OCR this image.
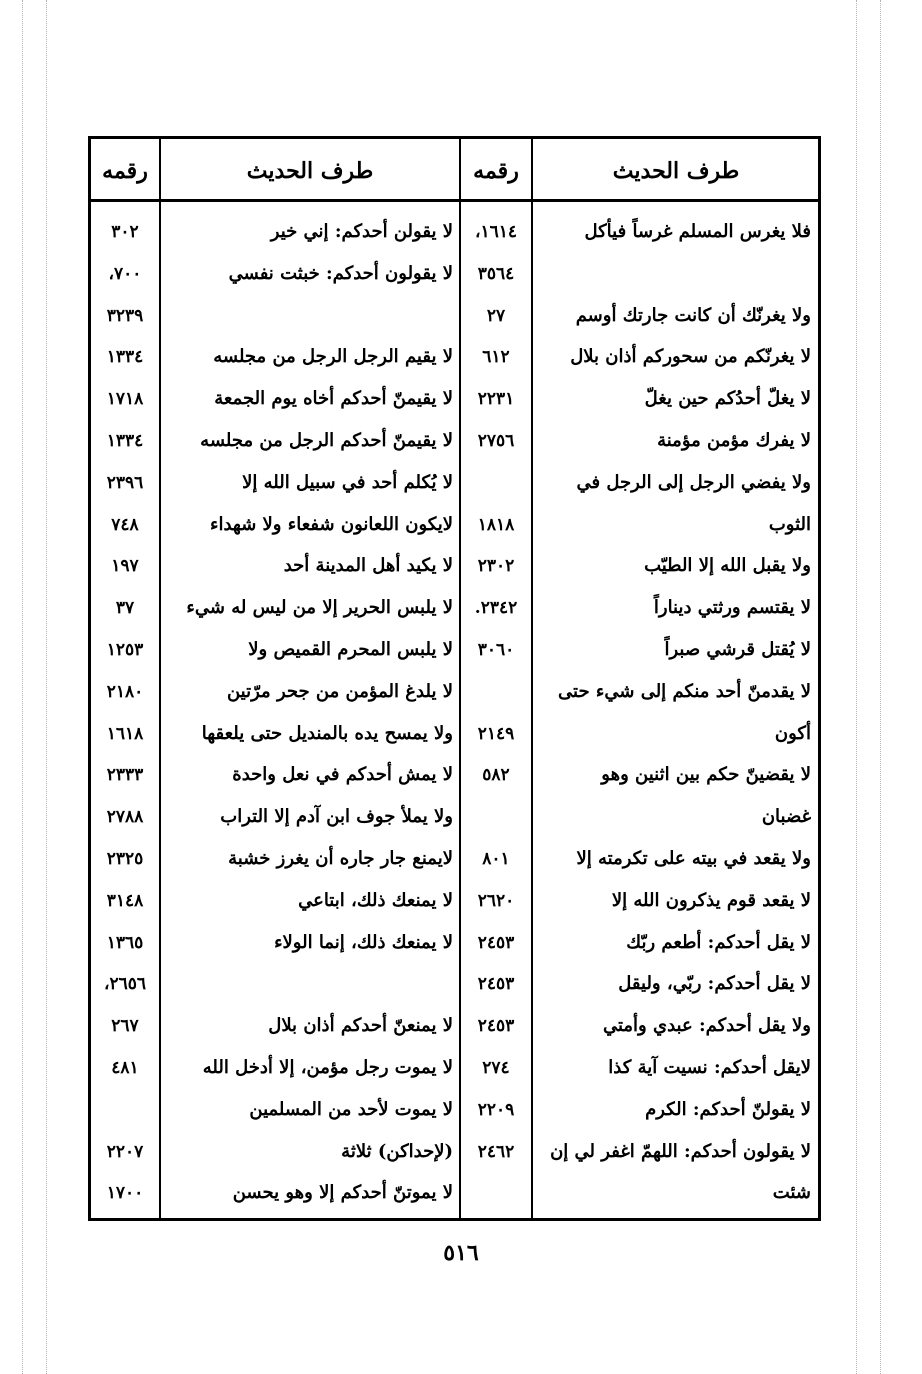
طرف الحديث
رقمه
طرف الحديث
رقمه
فلا يغرس المسلم غرساً فيأكل
١٦١٤،
٣٥٦٤
ولا يغرنّك أن كانت جارتك أوسم
٢٧
لا يغرنّكم من سحوركم أذان بلال
٦١٢
لا يغلّ أحدُكم حين يغلّ
٢٢٣١
لا يفرك مؤمن مؤمنة
٢٧٥٦
ولا يفضي الرجل إلى الرجل في
الثوب
١٨١٨
ولا يقبل الله إلا الطيّب
٢٣٠٢
لا يقتسم ورثتي ديناراً
٢٣٤٢.
لا يُقتل قرشي صبراً
٣٠٦٠
لا يقدمنّ أحد منكم إلى شيء حتى
أكون
٢١٤٩
لا يقضينّ حكم بين اثنين وهو
٥٨٢
غضبان
ولا يقعد في بيته على تكرمته إلا
٨٠١
لا يقعد قوم يذكرون الله إلا
٢٦٢٠
لا يقل أحدكم: أطعم ربّك
٢٤٥٣
لا يقل أحدكم: ربّي، وليقل
٢٤٥٣
ولا يقل أحدكم: عبدي وأمتي
٢٤٥٣
لايقل أحدكم: نسيت آية كذا
٢٧٤
لا يقولنّ أحدكم: الكرم
٢٢٠٩
لا يقولون أحدكم: اللهمّ اغفر لي إن
٢٤٦٢
شئت
لا يقولن أحدكم: إني خير
٣٠٢
لا يقولون أحدكم: خبثت نفسي
٧٠٠،
٣٢٣٩
لا يقيم الرجل الرجل من مجلسه
١٣٣٤
لا يقيمنّ أحدكم أخاه يوم الجمعة
١٧١٨
لا يقيمنّ أحدكم الرجل من مجلسه
١٣٣٤
لا يُكلم أحد في سبيل الله إلا
٢٣٩٦
لايكون اللعانون شفعاء ولا شهداء
٧٤٨
لا يكيد أهل المدينة أحد
١٩٧
لا يلبس الحرير إلا من ليس له شيء
٣٧
لا يلبس المحرم القميص ولا
١٢٥٣
لا يلدغ المؤمن من جحر مرّتين
٢١٨٠
ولا يمسح يده بالمنديل حتى يلعقها
١٦١٨
لا يمش أحدكم في نعل واحدة
٢٣٣٣
ولا يملأ جوف ابن آدم إلا التراب
٢٧٨٨
لايمنع جار جاره أن يغرز خشبة
٢٣٢٥
لا يمنعك ذلك، ابتاعي
٣١٤٨
لا يمنعك ذلك، إنما الولاء
١٣٦٥
٢٦٥٦،
لا يمنعنّ أحدكم أذان بلال
٢٦٧
لا يموت رجل مؤمن، إلا أدخل الله
٤٨١
لا يموت لأحد من المسلمين
(لإحداكن) ثلاثة
٢٢٠٧
لا يموتنّ أحدكم إلا وهو يحسن
١٧٠٠
٥١٦
